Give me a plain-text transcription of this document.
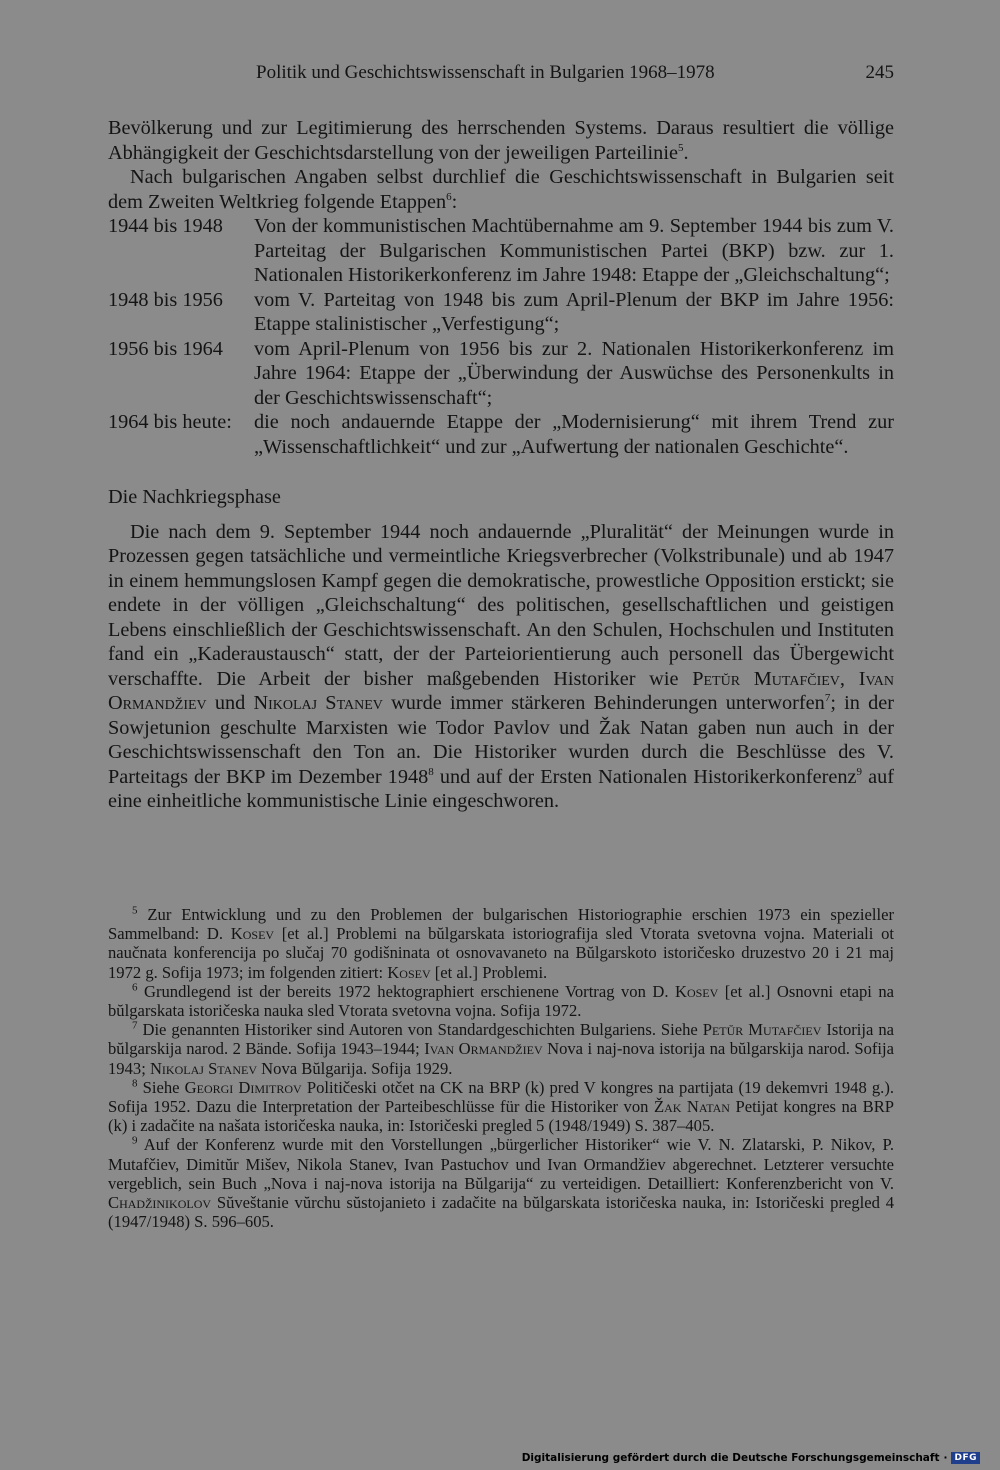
Politik und Geschichtswissenschaft in Bulgarien 1968–1978	245

Bevölkerung und zur Legitimierung des herrschenden Systems. Daraus resultiert die völlige Abhängigkeit der Geschichtsdarstellung von der jeweiligen Parteilinie$^5$.

Nach bulgarischen Angaben selbst durchlief die Geschichtswissenschaft in Bulgarien seit dem Zweiten Weltkrieg folgende Etappen$^6$:

1944 bis 1948	Von der kommunistischen Machtübernahme am 9. September 1944 bis zum V. Parteitag der Bulgarischen Kommunistischen Partei (BKP) bzw. zur 1. Nationalen Historikerkonferenz im Jahre 1948: Etappe der „Gleichschaltung“;
1948 bis 1956	vom V. Parteitag von 1948 bis zum April-Plenum der BKP im Jahre 1956: Etappe stalinistischer „Verfestigung“;
1956 bis 1964	vom April-Plenum von 1956 bis zur 2. Nationalen Historikerkonferenz im Jahre 1964: Etappe der „Überwindung der Auswüchse des Personenkults in der Geschichtswissenschaft“;
1964 bis heute:	die noch andauernde Etappe der „Modernisierung“ mit ihrem Trend zur „Wissenschaftlichkeit“ und zur „Aufwertung der nationalen Geschichte“.
Die Nachkriegsphase

Die nach dem 9. September 1944 noch andauernde „Pluralität“ der Meinungen wurde in Prozessen gegen tatsächliche und vermeintliche Kriegsverbrecher (Volkstribunale) und ab 1947 in einem hemmungslosen Kampf gegen die demokratische, prowestliche Opposition erstickt; sie endete in der völligen „Gleichschaltung“ des politischen, gesellschaftlichen und geistigen Lebens einschließlich der Geschichtswissenschaft. An den Schulen, Hochschulen und Instituten fand ein „Kaderaustausch“ statt, der der Parteiorientierung auch personell das Übergewicht verschaffte. Die Arbeit der bisher maßgebenden Historiker wie Petŭr Mutafčiev, Ivan Ormandžiev und Nikolaj Stanev wurde immer stärkeren Behinderungen unterworfen$^7$; in der Sowjetunion geschulte Marxisten wie Todor Pavlov und Žak Natan gaben nun auch in der Geschichtswissenschaft den Ton an. Die Historiker wurden durch die Beschlüsse des V. Parteitags der BKP im Dezember 1948$^8$ und auf der Ersten Nationalen Historikerkonferenz$^9$ auf eine einheitliche kommunistische Linie eingeschworen.

$^5$ Zur Entwicklung und zu den Problemen der bulgarischen Historiographie erschien 1973 ein spezieller Sammelband: D. Kosev [et al.] Problemi na bŭlgarskata istoriografija sled Vtorata svetovna vojna. Materiali ot naučnata konferencija po slučaj 70 godišninata ot osnovavaneto na Bŭlgarskoto istoričesko druzestvo 20 i 21 maj 1972 g. Sofija 1973; im folgenden zitiert: Kosev [et al.] Problemi.

$^6$ Grundlegend ist der bereits 1972 hektographiert erschienene Vortrag von D. Kosev [et al.] Osnovni etapi na bŭlgarskata istoričeska nauka sled Vtorata svetovna vojna. Sofija 1972.

$^7$ Die genannten Historiker sind Autoren von Standardgeschichten Bulgariens. Siehe Petŭr Mutafčiev Istorija na bŭlgarskija narod. 2 Bände. Sofija 1943–1944; Ivan Ormandžiev Nova i naj-nova istorija na bŭlgarskija narod. Sofija 1943; Nikolaj Stanev Nova Bŭlgarija. Sofija 1929.

$^8$ Siehe Georgi Dimitrov Političeski otčet na CK na BRP (k) pred V kongres na partijata (19 dekemvri 1948 g.). Sofija 1952. Dazu die Interpretation der Parteibeschlüsse für die Historiker von Žak Natan Petijat kongres na BRP (k) i zadačite na našata istoričeska nauka, in: Istoričeski pregled 5 (1948/1949) S. 387–405.

$^9$ Auf der Konferenz wurde mit den Vorstellungen „bürgerlicher Historiker“ wie V. N. Zlatarski, P. Nikov, P. Mutafčiev, Dimitŭr Mišev, Nikola Stanev, Ivan Pastuchov und Ivan Ormandžiev abgerechnet. Letzterer versuchte vergeblich, sein Buch „Nova i naj-nova istorija na Bŭlgarija“ zu verteidigen. Detailliert: Konferenzbericht von V. Chadžinikolov Sŭveštanie vŭrchu sŭstojanieto i zadačite na bŭlgarskata istoričeska nauka, in: Istoričeski pregled 4 (1947/1948) S. 596–605.

Digitalisierung gefördert durch die Deutsche Forschungsgemeinschaft · DFG
